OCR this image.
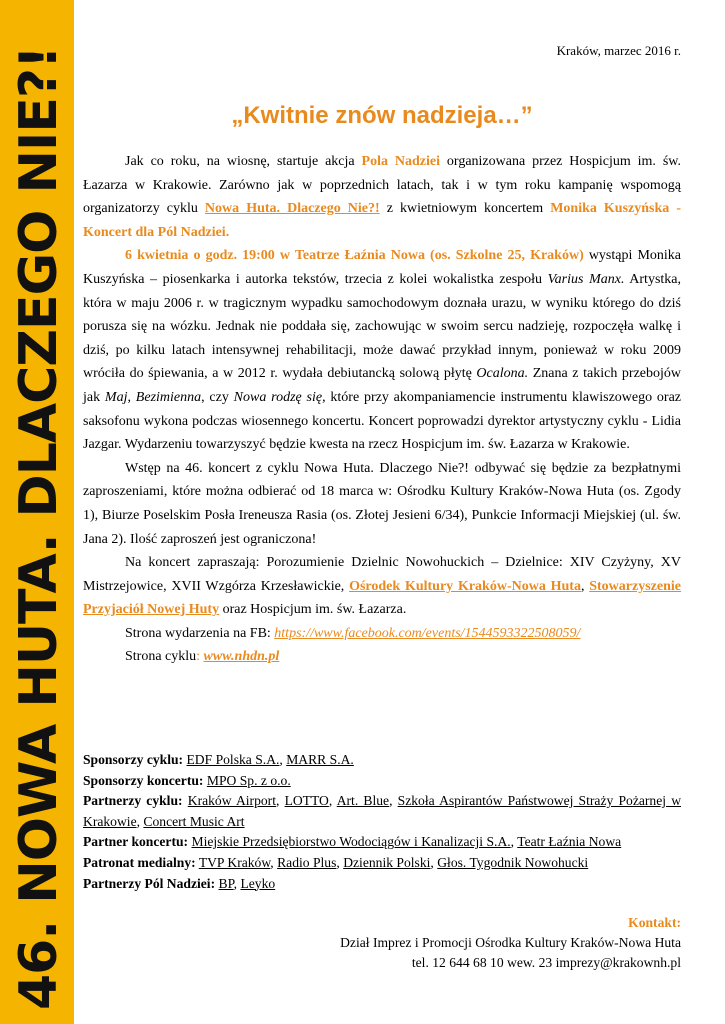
46. NOWA HUTA. DLACZEGO NIE?!	Kraków, marzec 2016 r.
„Kwitnie znów nadzieja…”

Jak co roku, na wiosnę, startuje akcja Pola Nadziei organizowana przez Hospicjum im. św. Łazarza w Krakowie. Zarówno jak w poprzednich latach, tak i w tym roku kampanię wspomogą organizatorzy cyklu Nowa Huta. Dlaczego Nie?! z kwietniowym koncertem Monika Kuszyńska - Koncert dla Pól Nadziei.

6 kwietnia o godz. 19:00 w Teatrze Łaźnia Nowa (os. Szkolne 25, Kraków) wystąpi Monika Kuszyńska – piosenkarka i autorka tekstów, trzecia z kolei wokalistka zespołu Varius Manx. Artystka, która w maju 2006 r. w tragicznym wypadku samochodowym doznała urazu, w wyniku którego do dziś porusza się na wózku. Jednak nie poddała się, zachowując w swoim sercu nadzieję, rozpoczęła walkę i dziś, po kilku latach intensywnej rehabilitacji, może dawać przykład innym, ponieważ w roku 2009 wróciła do śpiewania, a w 2012 r. wydała debiutancką solową płytę Ocalona. Znana z takich przebojów jak Maj, Bezimienna, czy Nowa rodzę się, które przy akompaniamencie instrumentu klawiszowego oraz saksofonu wykona podczas wiosennego koncertu. Koncert poprowadzi dyrektor artystyczny cyklu - Lidia Jazgar. Wydarzeniu towarzyszyć będzie kwesta na rzecz Hospicjum im. św. Łazarza w Krakowie.

Wstęp na 46. koncert z cyklu Nowa Huta. Dlaczego Nie?! odbywać się będzie za bezpłatnymi zaproszeniami, które można odbierać od 18 marca w: Ośrodku Kultury Kraków-Nowa Huta (os. Zgody 1), Biurze Poselskim Posła Ireneusza Rasia (os. Złotej Jesieni 6/34), Punkcie Informacji Miejskiej (ul. św. Jana 2). Ilość zaproszeń jest ograniczona!

Na koncert zapraszają: Porozumienie Dzielnic Nowohuckich – Dzielnice: XIV Czyżyny, XV Mistrzejowice, XVII Wzgórza Krzesławickie, Ośrodek Kultury Kraków-Nowa Huta, Stowarzyszenie Przyjaciół Nowej Huty oraz Hospicjum im. św. Łazarza.

Strona wydarzenia na FB: https://www.facebook.com/events/1544593322508059/

Strona cyklu: www.nhdn.pl

Sponsorzy cyklu: EDF Polska S.A., MARR S.A.

Sponsorzy koncertu: MPO Sp. z o.o.

Partnerzy cyklu: Kraków Airport, LOTTO, Art. Blue, Szkoła Aspirantów Państwowej Straży Pożarnej w Krakowie, Concert Music Art

Partner koncertu: Miejskie Przedsiębiorstwo Wodociągów i Kanalizacji S.A., Teatr Łaźnia Nowa

Patronat medialny: TVP Kraków, Radio Plus, Dziennik Polski, Głos. Tygodnik Nowohucki

Partnerzy Pól Nadziei: BP, Leyko

Kontakt:
Dział Imprez i Promocji Ośrodka Kultury Kraków-Nowa Huta
tel. 12 644 68 10 wew. 23 imprezy@krakownh.pl
